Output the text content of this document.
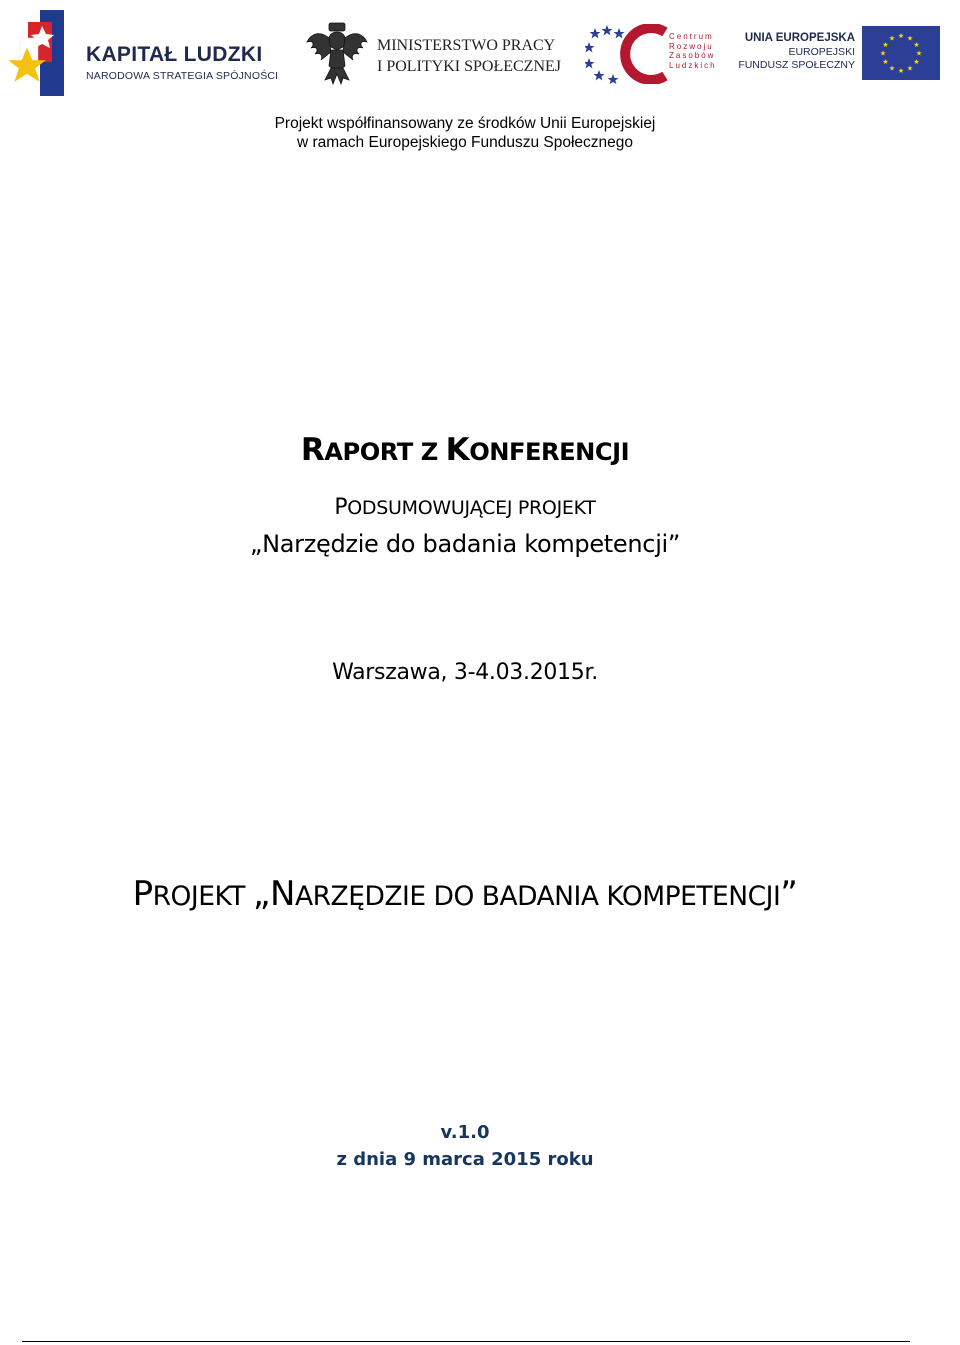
KAPITAŁ LUDZKI
NARODOWA STRATEGIA SPÓJNOŚCI
MINISTERSTWO PRACY
I POLITYKI SPOŁECZNEJ
Centrum
Rozwoju
Zasobów
Ludzkich
UNIA EUROPEJSKA
EUROPEJSKI
FUNDUSZ SPOŁECZNY
★ ★
★
★
★
★
★
★
★
★
★
★
Projekt współfinansowany ze środków Unii Europejskiej
w ramach Europejskiego Funduszu Społecznego
RAPORT Z KONFERENCJI
PODSUMOWUJĄCEJ PROJEKT
„Narzędzie do badania kompetencji”
Warszawa, 3-4.03.2015r.
PROJEKT „NARZĘDZIE DO BADANIA KOMPETENCJI”
v.1.0
z dnia 9 marca 2015 roku
